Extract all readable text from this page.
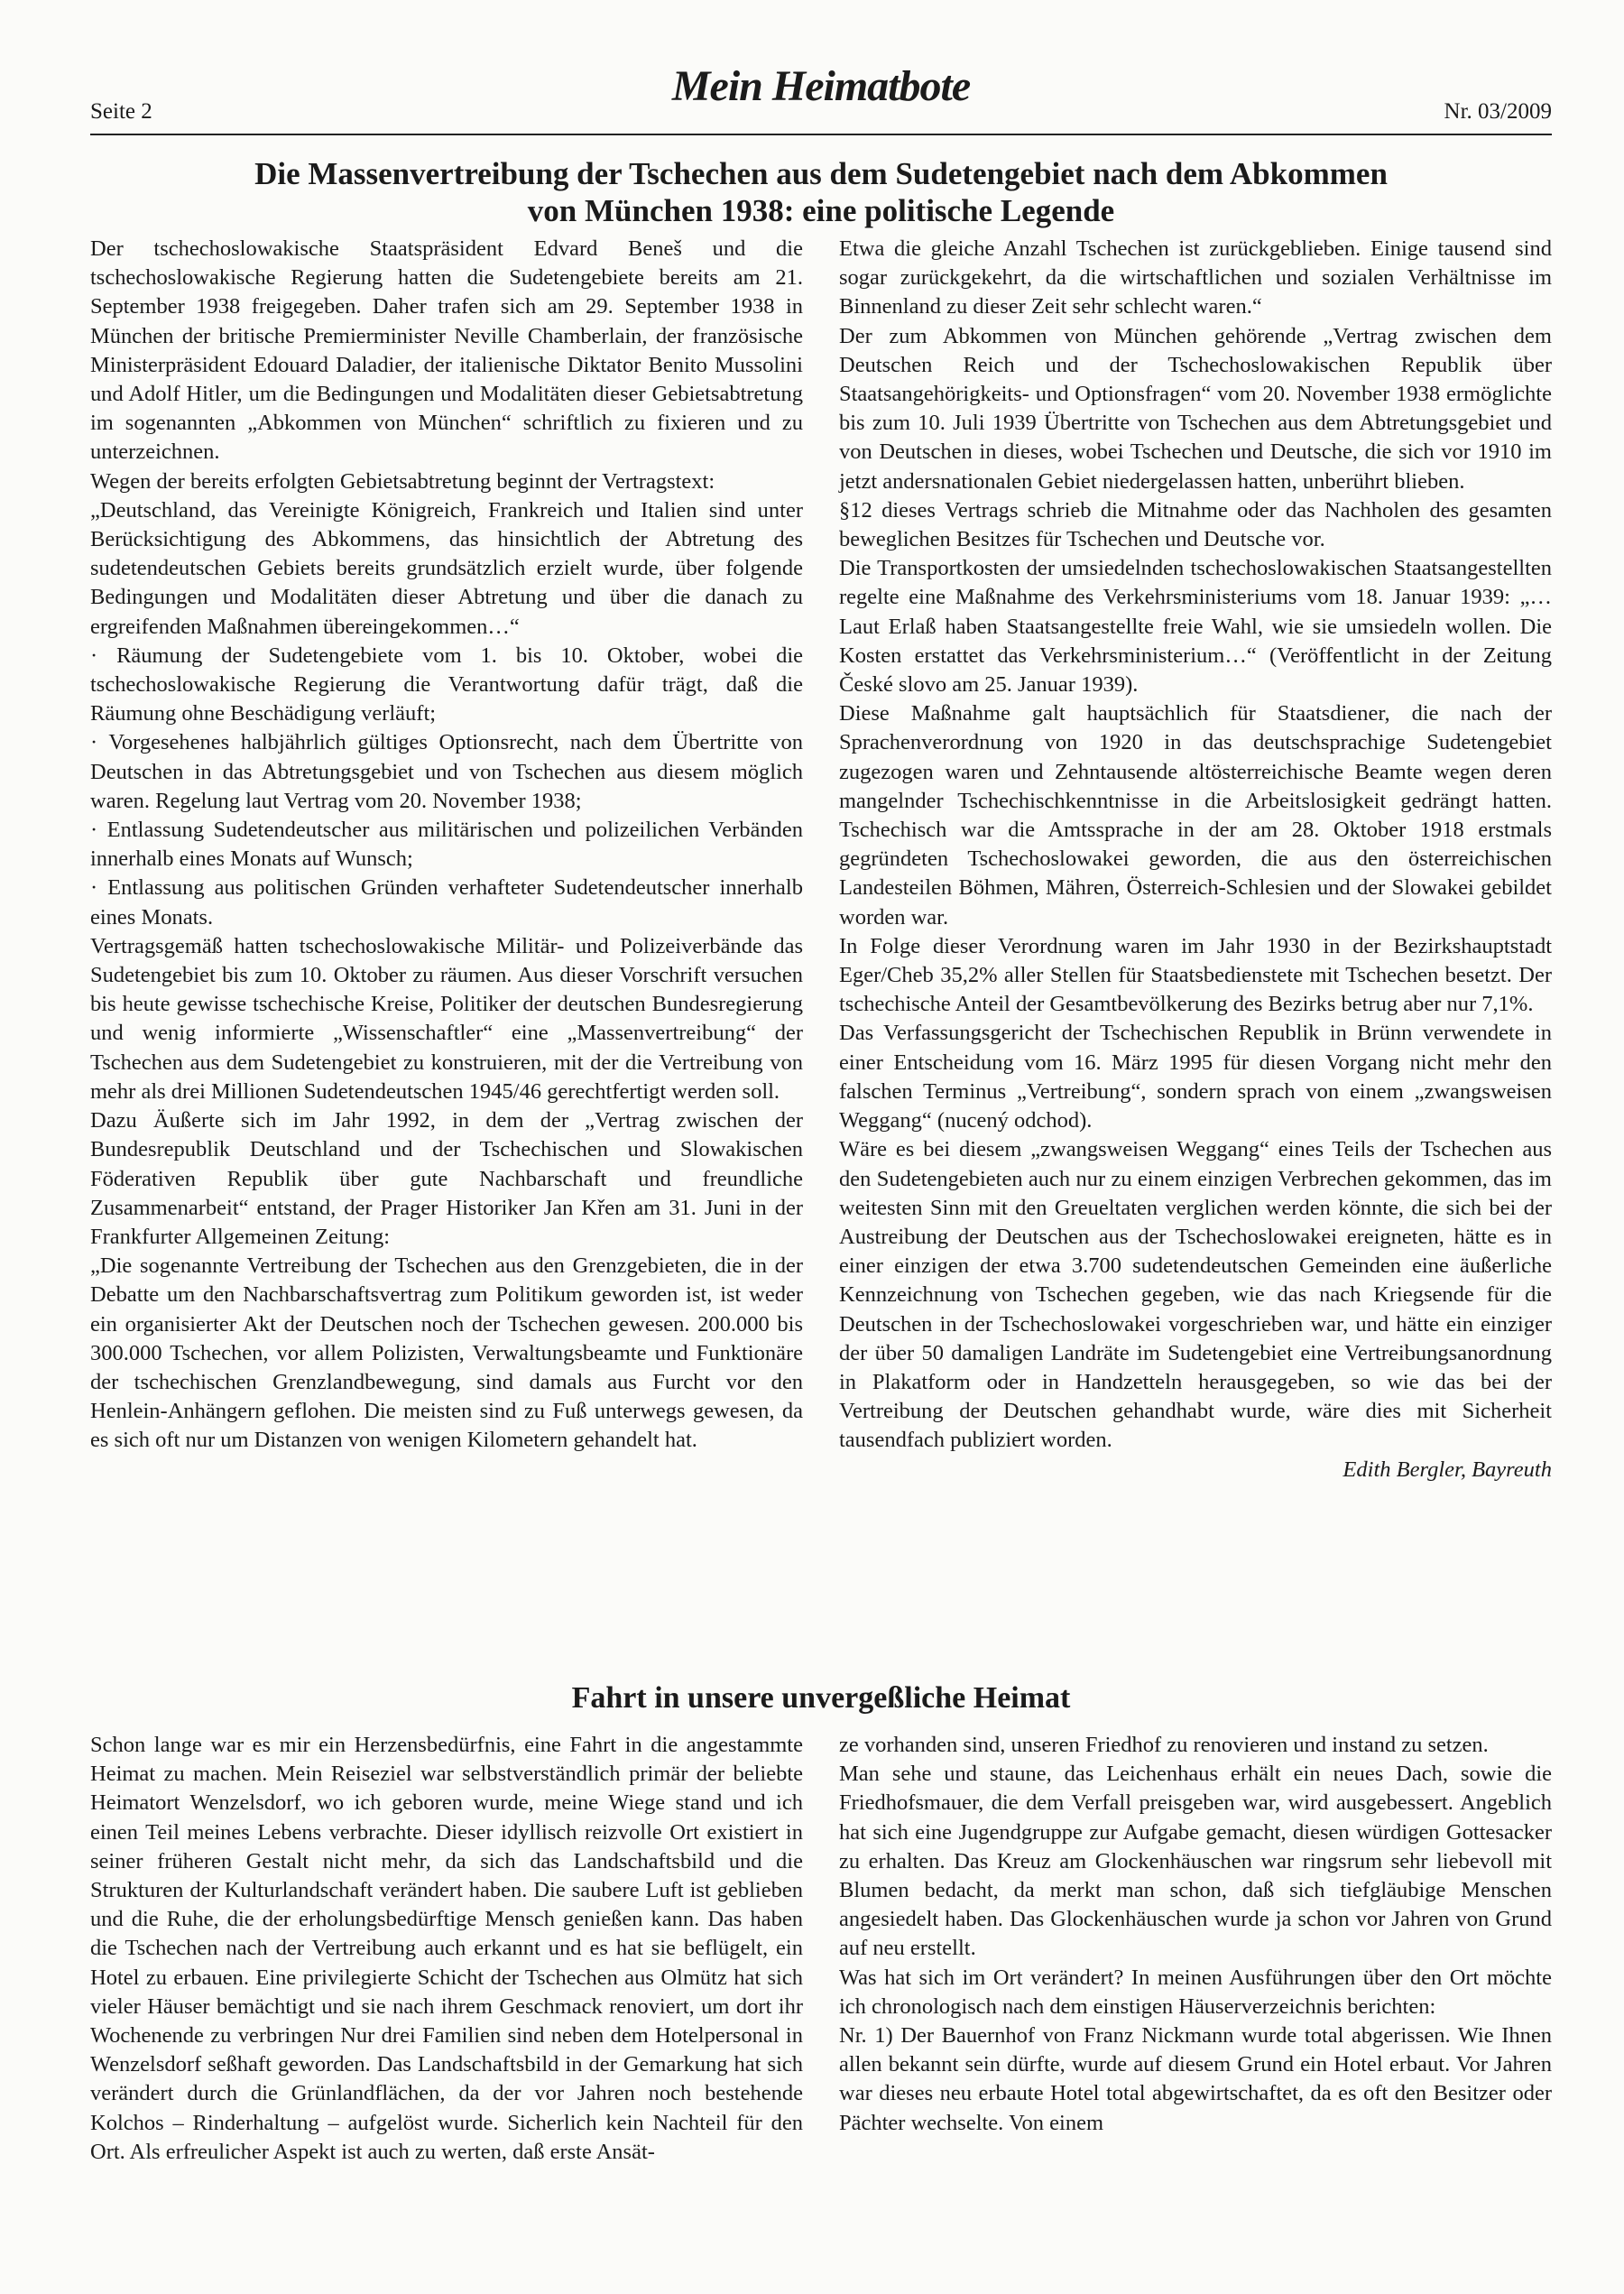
Seite 2
Mein Heimatbote
Nr. 03/2009
Die Massenvertreibung der Tschechen aus dem Sudetengebiet nach dem Abkommen
von München 1938: eine politische Legende

Der tschechoslowakische Staatspräsident Edvard Beneš und die tschechoslowakische Regierung hatten die Sudetengebiete bereits am 21. September 1938 freigegeben. Daher trafen sich am 29. September 1938 in München der britische Premierminister Neville Chamberlain, der französische Ministerpräsident Edouard Daladier, der italienische Diktator Benito Mussolini und Adolf Hitler, um die Bedingungen und Modalitäten dieser Gebietsabtretung im sogenannten „Abkommen von München“ schriftlich zu fixieren und zu unterzeichnen.

Wegen der bereits erfolgten Gebietsabtretung beginnt der Vertragstext:

„Deutschland, das Vereinigte Königreich, Frankreich und Italien sind unter Berücksichtigung des Abkommens, das hinsichtlich der Abtretung des sudetendeutschen Gebiets bereits grundsätzlich erzielt wurde, über folgende Bedingungen und Modalitäten dieser Abtretung und über die danach zu ergreifenden Maßnahmen übereingekommen…“

· Räumung der Sudetengebiete vom 1. bis 10. Oktober, wobei die tschechoslowakische Regierung die Verantwortung dafür trägt, daß die Räumung ohne Beschädigung verläuft;

· Vorgesehenes halbjährlich gültiges Optionsrecht, nach dem Übertritte von Deutschen in das Abtretungsgebiet und von Tschechen aus diesem möglich waren. Regelung laut Vertrag vom 20. November 1938;

· Entlassung Sudetendeutscher aus militärischen und polizeilichen Verbänden innerhalb eines Monats auf Wunsch;

· Entlassung aus politischen Gründen verhafteter Sudetendeutscher innerhalb eines Monats.

Vertragsgemäß hatten tschechoslowakische Militär- und Polizeiverbände das Sudetengebiet bis zum 10. Oktober zu räumen. Aus dieser Vorschrift versuchen bis heute gewisse tschechische Kreise, Politiker der deutschen Bundesregierung und wenig informierte „Wissenschaftler“ eine „Massenvertreibung“ der Tschechen aus dem Sudetengebiet zu konstruieren, mit der die Vertreibung von mehr als drei Millionen Sudetendeutschen 1945/46 gerechtfertigt werden soll.

Dazu Äußerte sich im Jahr 1992, in dem der „Vertrag zwischen der Bundesrepublik Deutschland und der Tschechischen und Slowakischen Föderativen Republik über gute Nachbarschaft und freundliche Zusammenarbeit“ entstand, der Prager Historiker Jan Křen am 31. Juni in der Frankfurter Allgemeinen Zeitung:

„Die sogenannte Vertreibung der Tschechen aus den Grenzgebieten, die in der Debatte um den Nachbarschaftsvertrag zum Politikum geworden ist, ist weder ein organisierter Akt der Deutschen noch der Tschechen gewesen. 200.000 bis 300.000 Tschechen, vor allem Polizisten, Verwaltungsbeamte und Funktionäre der tschechischen Grenzlandbewegung, sind damals aus Furcht vor den Henlein-Anhängern geflohen. Die meisten sind zu Fuß unterwegs gewesen, da es sich oft nur um Distanzen von wenigen Kilometern gehandelt hat.

Etwa die gleiche Anzahl Tschechen ist zurückgeblieben. Einige tausend sind sogar zurückgekehrt, da die wirtschaftlichen und sozialen Verhältnisse im Binnenland zu dieser Zeit sehr schlecht waren.“

Der zum Abkommen von München gehörende „Vertrag zwischen dem Deutschen Reich und der Tschechoslowakischen Republik über Staatsangehörigkeits- und Optionsfragen“ vom 20. November 1938 ermöglichte bis zum 10. Juli 1939 Übertritte von Tschechen aus dem Abtretungsgebiet und von Deutschen in dieses, wobei Tschechen und Deutsche, die sich vor 1910 im jetzt andersnationalen Gebiet niedergelassen hatten, unberührt blieben.

§12 dieses Vertrags schrieb die Mitnahme oder das Nachholen des gesamten beweglichen Besitzes für Tschechen und Deutsche vor.

Die Transportkosten der umsiedelnden tschechoslowakischen Staatsangestellten regelte eine Maßnahme des Verkehrsministeriums vom 18. Januar 1939: „…Laut Erlaß haben Staatsangestellte freie Wahl, wie sie umsiedeln wollen. Die Kosten erstattet das Verkehrsministerium…“ (Veröffentlicht in der Zeitung České slovo am 25. Januar 1939).

Diese Maßnahme galt hauptsächlich für Staatsdiener, die nach der Sprachenverordnung von 1920 in das deutschsprachige Sudetengebiet zugezogen waren und Zehntausende altösterreichische Beamte wegen deren mangelnder Tschechischkenntnisse in die Arbeitslosigkeit gedrängt hatten. Tschechisch war die Amtssprache in der am 28. Oktober 1918 erstmals gegründeten Tschechoslowakei geworden, die aus den österreichischen Landesteilen Böhmen, Mähren, Österreich-Schlesien und der Slowakei gebildet worden war.

In Folge dieser Verordnung waren im Jahr 1930 in der Bezirkshauptstadt Eger/Cheb 35,2% aller Stellen für Staatsbedienstete mit Tschechen besetzt. Der tschechische Anteil der Gesamtbevölkerung des Bezirks betrug aber nur 7,1%.

Das Verfassungsgericht der Tschechischen Republik in Brünn verwendete in einer Entscheidung vom 16. März 1995 für diesen Vorgang nicht mehr den falschen Terminus „Vertreibung“, sondern sprach von einem „zwangsweisen Weggang“ (nucený odchod).

Wäre es bei diesem „zwangsweisen Weggang“ eines Teils der Tschechen aus den Sudetengebieten auch nur zu einem einzigen Verbrechen gekommen, das im weitesten Sinn mit den Greueltaten verglichen werden könnte, die sich bei der Austreibung der Deutschen aus der Tschechoslowakei ereigneten, hätte es in einer einzigen der etwa 3.700 sudetendeutschen Gemeinden eine äußerliche Kennzeichnung von Tschechen gegeben, wie das nach Kriegsende für die Deutschen in der Tschechoslowakei vorgeschrieben war, und hätte ein einziger der über 50 damaligen Landräte im Sudetengebiet eine Vertreibungsanordnung in Plakatform oder in Handzetteln herausgegeben, so wie das bei der Vertreibung der Deutschen gehandhabt wurde, wäre dies mit Sicherheit tausendfach publiziert worden.

Edith Bergler, Bayreuth

Fahrt in unsere unvergeßliche Heimat

Schon lange war es mir ein Herzensbedürfnis, eine Fahrt in die angestammte Heimat zu machen. Mein Reiseziel war selbstverständlich primär der beliebte Heimatort Wenzelsdorf, wo ich geboren wurde, meine Wiege stand und ich einen Teil meines Lebens verbrachte. Dieser idyllisch reizvolle Ort existiert in seiner früheren Gestalt nicht mehr, da sich das Landschaftsbild und die Strukturen der Kulturlandschaft verändert haben. Die saubere Luft ist geblieben und die Ruhe, die der erholungsbedürftige Mensch genießen kann. Das haben die Tschechen nach der Vertreibung auch erkannt und es hat sie beflügelt, ein Hotel zu erbauen. Eine privilegierte Schicht der Tschechen aus Olmütz hat sich vieler Häuser bemächtigt und sie nach ihrem Geschmack renoviert, um dort ihr Wochenende zu verbringen Nur drei Familien sind neben dem Hotelpersonal in Wenzelsdorf seßhaft geworden. Das Landschaftsbild in der Gemarkung hat sich verändert durch die Grünlandflächen, da der vor Jahren noch bestehende Kolchos – Rinderhaltung – aufgelöst wurde. Sicherlich kein Nachteil für den Ort. Als erfreulicher Aspekt ist auch zu werten, daß erste Ansät-

ze vorhanden sind, unseren Friedhof zu renovieren und instand zu setzen.

Man sehe und staune, das Leichenhaus erhält ein neues Dach, sowie die Friedhofsmauer, die dem Verfall preisgeben war, wird ausgebessert. Angeblich hat sich eine Jugendgruppe zur Aufgabe gemacht, diesen würdigen Gottesacker zu erhalten. Das Kreuz am Glockenhäuschen war ringsrum sehr liebevoll mit Blumen bedacht, da merkt man schon, daß sich tiefgläubige Menschen angesiedelt haben. Das Glockenhäuschen wurde ja schon vor Jahren von Grund auf neu erstellt.

Was hat sich im Ort verändert? In meinen Ausführungen über den Ort möchte ich chronologisch nach dem einstigen Häuserverzeichnis berichten:

Nr. 1) Der Bauernhof von Franz Nickmann wurde total abgerissen. Wie Ihnen allen bekannt sein dürfte, wurde auf diesem Grund ein Hotel erbaut. Vor Jahren war dieses neu erbaute Hotel total abgewirtschaftet, da es oft den Besitzer oder Pächter wechselte. Von einem
